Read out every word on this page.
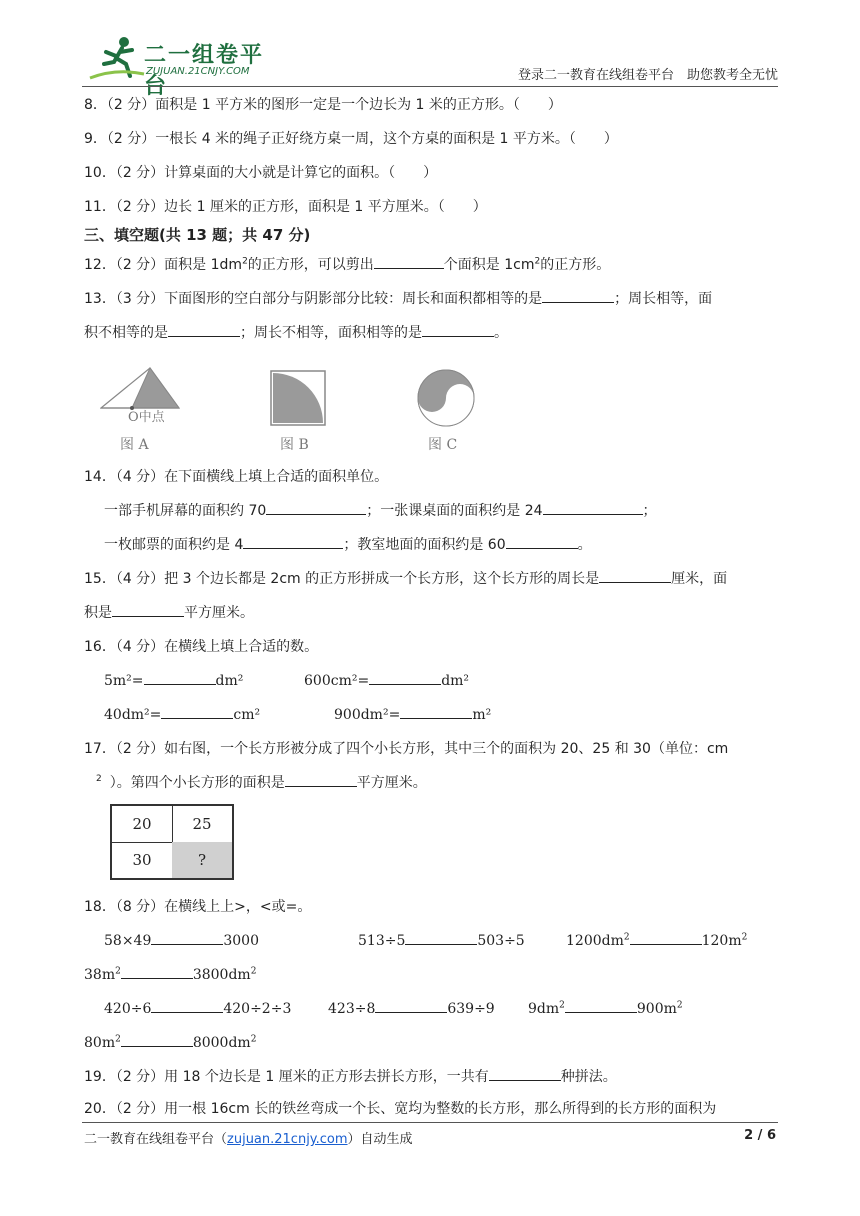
二一组卷平台
ZUJUAN.21CNJY.COM	登录二一教育在线组卷平台　助您教考全无忧
8．（2 分）面积是 1 平方米的图形一定是一个边长为 1 米的正方形。（　　）
9．（2 分）一根长 4 米的绳子正好绕方桌一周，这个方桌的面积是 1 平方米。（　　）
10．（2 分）计算桌面的大小就是计算它的面积。（　　）
11．（2 分）边长 1 厘米的正方形，面积是 1 平方厘米。（　　）
三、填空题(共 13 题；共 47 分)
12．（2 分）面积是 $1dm^2$的正方形，可以剪出	个面积是 $1cm^2$的正方形。
13．（3 分）下面图形的空白部分与阴影部分比较：周长和面积都相等的是	；周长相等，面
积不相等的是	；周长不相等，面积相等的是	。
O中点
图 A	图 B	图 C
14．（4 分）在下面横线上填上合适的面积单位。
一部手机屏幕的面积约 70	；一张课桌面的面积约是 24	；
一枚邮票的面积约是 4	；教室地面的面积约是 60	。
15．（4 分）把 3 个边长都是 2cm 的正方形拼成一个长方形，这个长方形的周长是	厘米，面
积是	平方厘米。
16．（4 分）在横线上填上合适的数。
5m²=	dm²	600cm²=	dm²
40dm²=	cm²	900dm²=	m²
17．（2 分）如右图，一个长方形被分成了四个小长方形，其中三个的面积为 20、25 和 30（单位：cm
$^2$ ）。第四个小长方形的面积是	平方厘米。
20	25
30	?
18．（8 分）在横线上上>，<或=。
58×49	3000	513÷5	503÷5	$1200dm^2$	$120m^2$
$38m^2$	$3800dm^2$
420÷6	420÷2÷3	423÷8	639÷9 $9dm^2$	$900m^2$
$80m^2$	$8000dm^2$
19．（2 分）用 18 个边长是 1 厘米的正方形去拼长方形，一共有	种拼法。
20．（2 分）用一根 16cm 长的铁丝弯成一个长、宽均为整数的长方形，那么所得到的长方形的面积为
二一教育在线组卷平台（zujuan.21cnjy.com）自动生成	2 / 6
